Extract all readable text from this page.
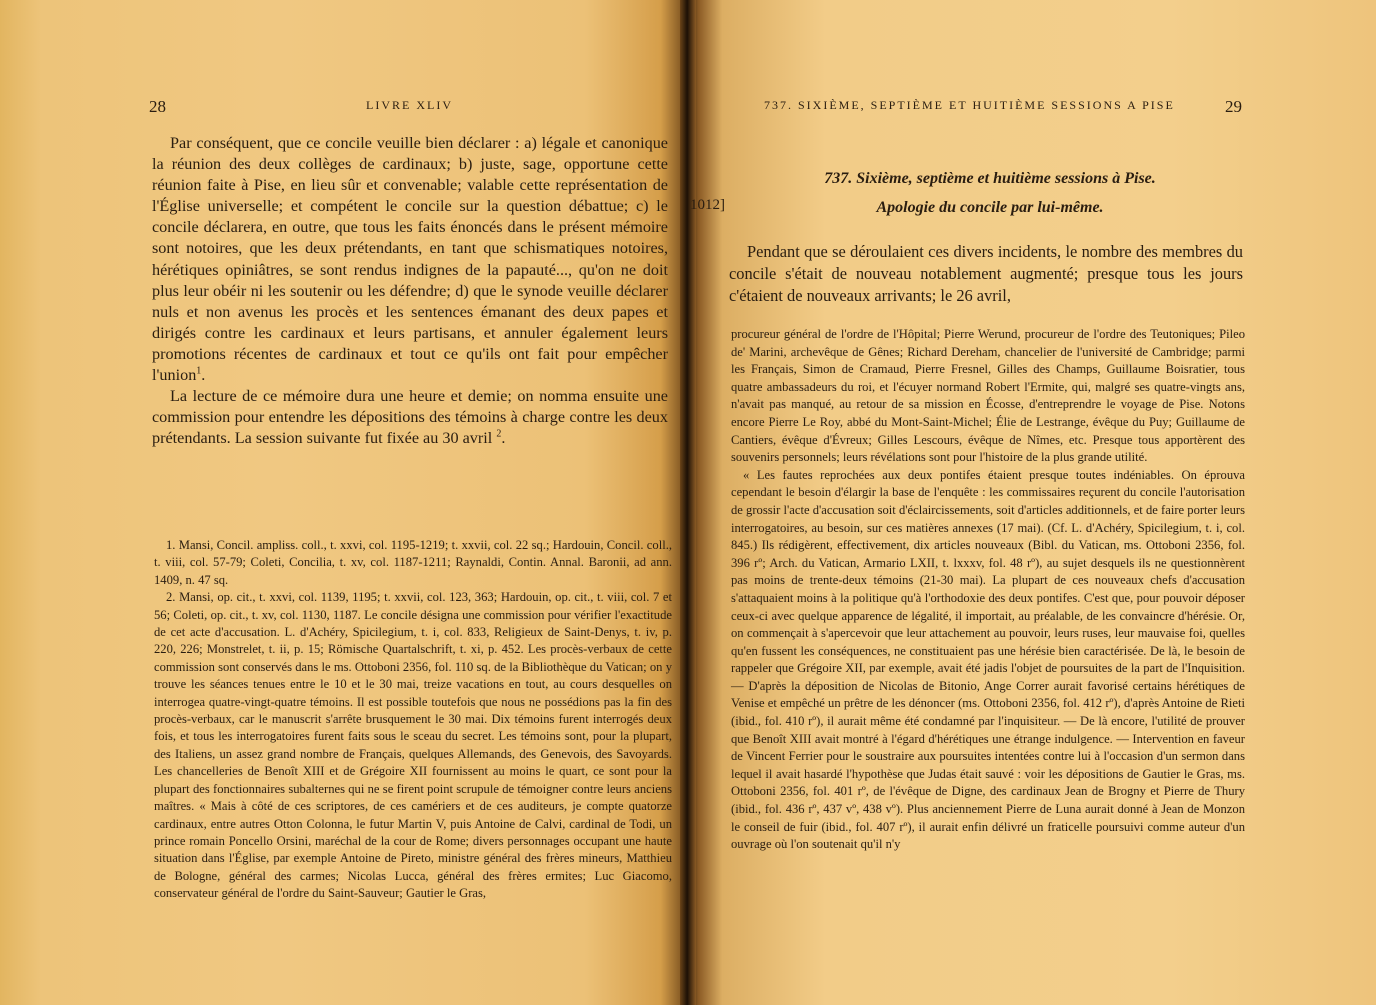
28	LIVRE XLIV

Par conséquent, que ce concile veuille bien déclarer : a) légale et canonique la réunion des deux collèges de cardinaux; b) juste, sage, opportune cette réunion faite à Pise, en lieu sûr et convenable; valable cette représentation de l'Église universelle; et compétent le concile sur la question débattue; c) le concile déclarera, en outre, que tous les faits énoncés dans le présent mémoire sont notoires, que les deux prétendants, en tant que schismatiques notoires, hérétiques opiniâtres, se sont rendus indignes de la papauté..., qu'on ne doit plus leur obéir ni les soutenir ou les défendre; d) que le synode veuille déclarer nuls et non avenus les procès et les sentences émanant des deux papes et dirigés contre les cardinaux et leurs partisans, et annuler également leurs promotions récentes de cardinaux et tout ce qu'ils ont fait pour empêcher l'union$^1$.

La lecture de ce mémoire dura une heure et demie; on nomma ensuite une commission pour entendre les dépositions des témoins à charge contre les deux prétendants. La session suivante fut fixée au 30 avril $^2$.

1. Mansi, Concil. ampliss. coll., t. xxvi, col. 1195-1219; t. xxvii, col. 22 sq.; Hardouin, Concil. coll., t. viii, col. 57-79; Coleti, Concilia, t. xv, col. 1187-1211; Raynaldi, Contin. Annal. Baronii, ad ann. 1409, n. 47 sq.

2. Mansi, op. cit., t. xxvi, col. 1139, 1195; t. xxvii, col. 123, 363; Hardouin, op. cit., t. viii, col. 7 et 56; Coleti, op. cit., t. xv, col. 1130, 1187. Le concile désigna une commission pour vérifier l'exactitude de cet acte d'accusation. L. d'Achéry, Spicilegium, t. i, col. 833, Religieux de Saint-Denys, t. iv, p. 220, 226; Monstrelet, t. ii, p. 15; Römische Quartalschrift, t. xi, p. 452. Les procès-verbaux de cette commission sont conservés dans le ms. Ottoboni 2356, fol. 110 sq. de la Bibliothèque du Vatican; on y trouve les séances tenues entre le 10 et le 30 mai, treize vacations en tout, au cours desquelles on interrogea quatre-vingt-quatre témoins. Il est possible toutefois que nous ne possédions pas la fin des procès-verbaux, car le manuscrit s'arrête brusquement le 30 mai. Dix témoins furent interrogés deux fois, et tous les interrogatoires furent faits sous le sceau du secret. Les témoins sont, pour la plupart, des Italiens, un assez grand nombre de Français, quelques Allemands, des Genevois, des Savoyards. Les chancelleries de Benoît XIII et de Grégoire XII fournissent au moins le quart, ce sont pour la plupart des fonctionnaires subalternes qui ne se firent point scrupule de témoigner contre leurs anciens maîtres. « Mais à côté de ces scriptores, de ces camériers et de ces auditeurs, je compte quatorze cardinaux, entre autres Otton Colonna, le futur Martin V, puis Antoine de Calvi, cardinal de Todi, un prince romain Poncello Orsini, maréchal de la cour de Rome; divers personnages occupant une haute situation dans l'Église, par exemple Antoine de Pireto, ministre général des frères mineurs, Matthieu de Bologne, général des carmes; Nicolas Lucca, général des frères ermites; Luc Giacomo, conservateur général de l'ordre du Saint-Sauveur; Gautier le Gras,

737. SIXIÈME, SEPTIÈME ET HUITIÈME SESSIONS A PISE	29
737. Sixième, septième et huitième sessions à Pise.
Apologie du concile par lui-même.
1012]

Pendant que se déroulaient ces divers incidents, le nombre des membres du concile s'était de nouveau notablement augmenté; presque tous les jours c'étaient de nouveaux arrivants; le 26 avril,

procureur général de l'ordre de l'Hôpital; Pierre Werund, procureur de l'ordre des Teutoniques; Pileo de' Marini, archevêque de Gênes; Richard Dereham, chancelier de l'université de Cambridge; parmi les Français, Simon de Cramaud, Pierre Fresnel, Gilles des Champs, Guillaume Boisratier, tous quatre ambassadeurs du roi, et l'écuyer normand Robert l'Ermite, qui, malgré ses quatre-vingts ans, n'avait pas manqué, au retour de sa mission en Écosse, d'entreprendre le voyage de Pise. Notons encore Pierre Le Roy, abbé du Mont-Saint-Michel; Élie de Lestrange, évêque du Puy; Guillaume de Cantiers, évêque d'Évreux; Gilles Lescours, évêque de Nîmes, etc. Presque tous apportèrent des souvenirs personnels; leurs révélations sont pour l'histoire de la plus grande utilité.

« Les fautes reprochées aux deux pontifes étaient presque toutes indéniables. On éprouva cependant le besoin d'élargir la base de l'enquête : les commissaires reçurent du concile l'autorisation de grossir l'acte d'accusation soit d'éclaircissements, soit d'articles additionnels, et de faire porter leurs interrogatoires, au besoin, sur ces matières annexes (17 mai). (Cf. L. d'Achéry, Spicilegium, t. i, col. 845.) Ils rédigèrent, effectivement, dix articles nouveaux (Bibl. du Vatican, ms. Ottoboni 2356, fol. 396 rº; Arch. du Vatican, Armario LXII, t. lxxxv, fol. 48 rº), au sujet desquels ils ne questionnèrent pas moins de trente-deux témoins (21-30 mai). La plupart de ces nouveaux chefs d'accusation s'attaquaient moins à la politique qu'à l'orthodoxie des deux pontifes. C'est que, pour pouvoir déposer ceux-ci avec quelque apparence de légalité, il importait, au préalable, de les convaincre d'hérésie. Or, on commençait à s'apercevoir que leur attachement au pouvoir, leurs ruses, leur mauvaise foi, quelles qu'en fussent les conséquences, ne constituaient pas une hérésie bien caractérisée. De là, le besoin de rappeler que Grégoire XII, par exemple, avait été jadis l'objet de poursuites de la part de l'Inquisition. — D'après la déposition de Nicolas de Bitonio, Ange Correr aurait favorisé certains hérétiques de Venise et empêché un prêtre de les dénoncer (ms. Ottoboni 2356, fol. 412 rº), d'après Antoine de Rieti (ibid., fol. 410 rº), il aurait même été condamné par l'inquisiteur. — De là encore, l'utilité de prouver que Benoît XIII avait montré à l'égard d'hérétiques une étrange indulgence. — Intervention en faveur de Vincent Ferrier pour le soustraire aux poursuites intentées contre lui à l'occasion d'un sermon dans lequel il avait hasardé l'hypothèse que Judas était sauvé : voir les dépositions de Gautier le Gras, ms. Ottoboni 2356, fol. 401 rº, de l'évêque de Digne, des cardinaux Jean de Brogny et Pierre de Thury (ibid., fol. 436 rº, 437 vº, 438 vº). Plus anciennement Pierre de Luna aurait donné à Jean de Monzon le conseil de fuir (ibid., fol. 407 rº), il aurait enfin délivré un fraticelle poursuivi comme auteur d'un ouvrage où l'on soutenait qu'il n'y
